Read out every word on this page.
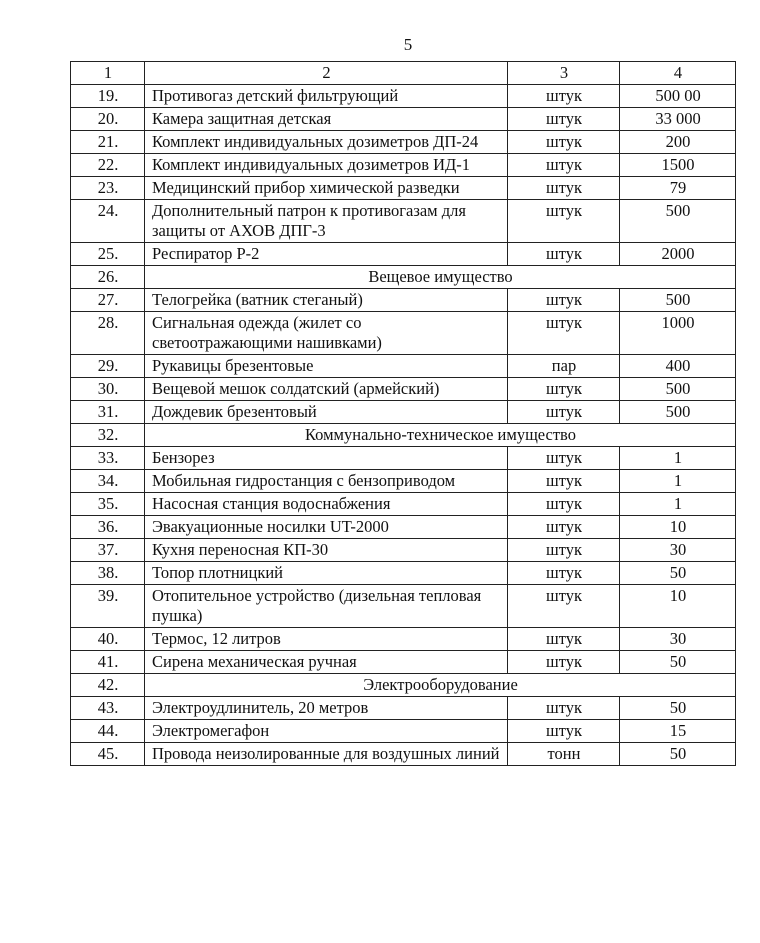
5
1	2	3	4
19.	Противогаз детский фильтрующий	штук	500 00
20.	Камера защитная детская	штук	33 000
21.	Комплект индивидуальных дозиметров ДП-24	штук	200
22.	Комплект индивидуальных дозиметров ИД-1	штук	1500
23.	Медицинский прибор химической разведки	штук	79
24.	Дополнительный патрон к противогазам для защиты от АХОВ ДПГ-3	штук	500
25.	Респиратор Р-2	штук	2000
26.	Вещевое имущество		
27.	Телогрейка (ватник стеганый)	штук	500
28.	Сигнальная одежда (жилет со светоотражающими нашивками)	штук	1000
29.	Рукавицы брезентовые	пар	400
30.	Вещевой мешок солдатский (армейский)	штук	500
31.	Дождевик брезентовый	штук	500
32.	Коммунально-техническое имущество		
33.	Бензорез	штук	1
34.	Мобильная гидростанция с бензоприводом	штук	1
35.	Насосная станция водоснабжения	штук	1
36.	Эвакуационные носилки UT-2000	штук	10
37.	Кухня переносная КП-30	штук	30
38.	Топор плотницкий	штук	50
39.	Отопительное устройство (дизельная тепловая пушка)	штук	10
40.	Термос, 12 литров	штук	30
41.	Сирена механическая ручная	штук	50
42.	Электрооборудование		
43.	Электроудлинитель, 20 метров	штук	50
44.	Электромегафон	штук	15
45.	Провода неизолированные для воздушных линий	тонн	50
